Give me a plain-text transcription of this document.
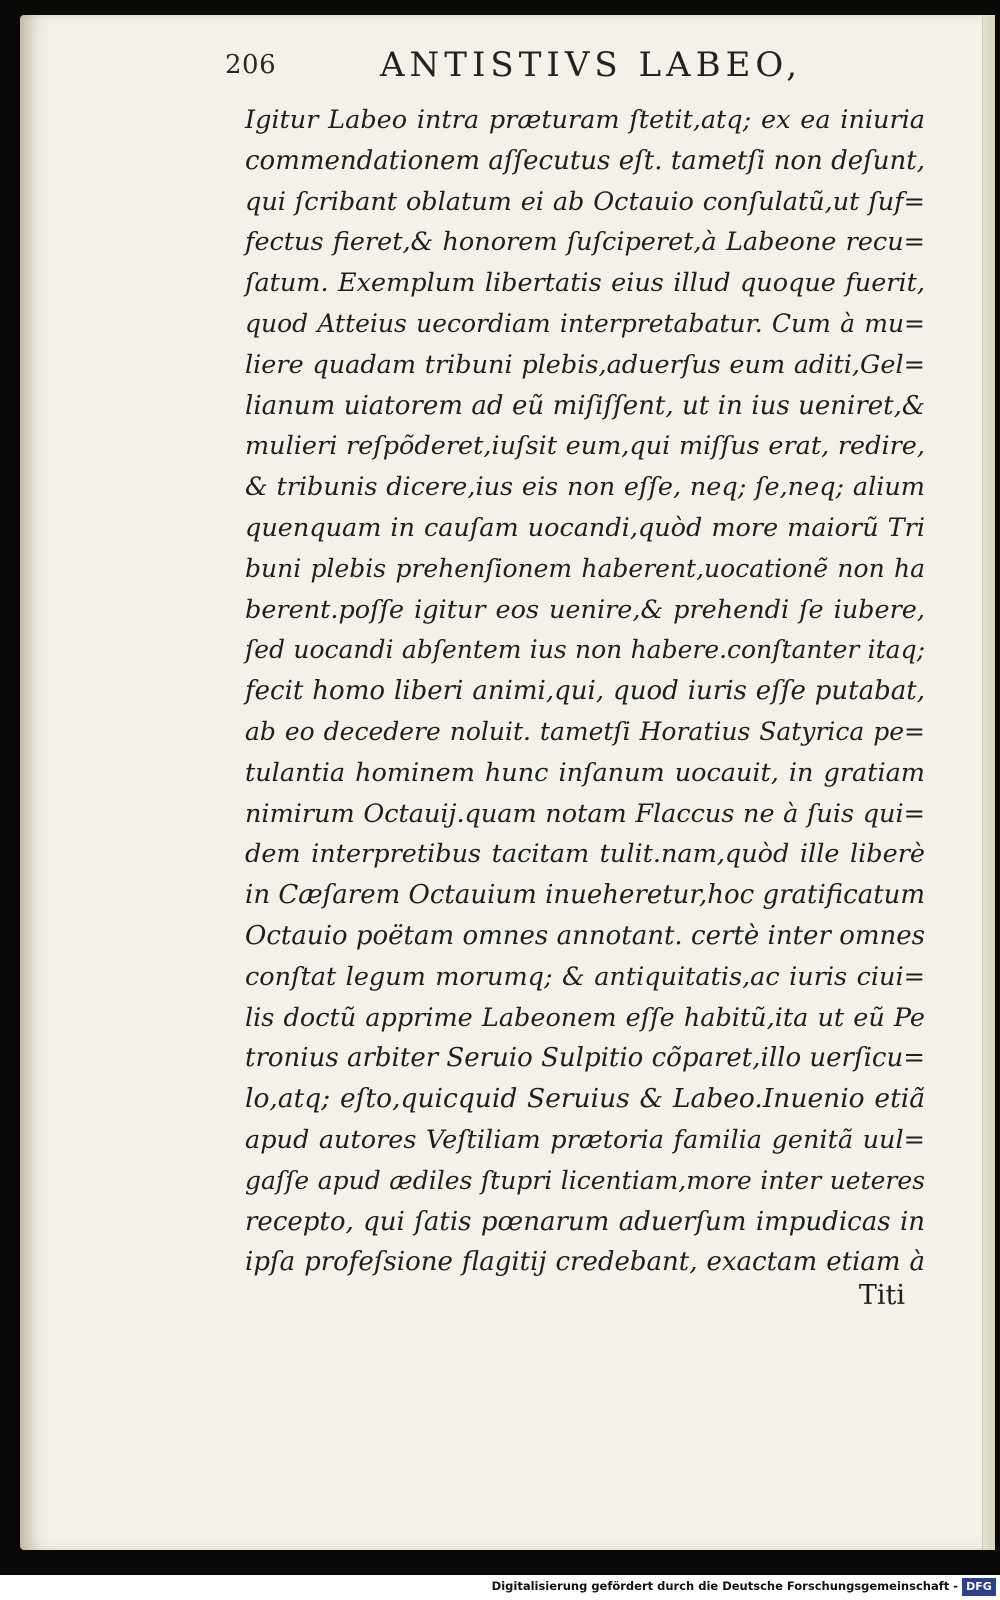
206	ANTISTIVS LABEO,
Igitur Labeo intra præturam ſtetit,atq; ex ea iniuria
commendationem aſſecutus eſt. tametſi non deſunt,
qui ſcribant oblatum ei ab Octauio conſulatũ,ut ſuf=
fectus fieret,& honorem ſuſciperet,à Labeone recu=
ſatum. Exemplum libertatis eius illud quoque fuerit,
quod Atteius uecordiam interpretabatur. Cum à mu=
liere quadam tribuni plebis,aduerſus eum aditi,Gel=
lianum uiatorem ad eũ miſiſſent, ut in ius ueniret,&
mulieri reſpõderet,iuſsit eum,qui miſſus erat, redire,
& tribunis dicere,ius eis non eſſe, neq; ſe,neq; alium
quenquam in cauſam uocandi,quòd more maiorũ Tri
buni plebis prehenſionem haberent,uocationẽ non ha
berent.poſſe igitur eos uenire,& prehendi ſe iubere,
ſed uocandi abſentem ius non habere.conſtanter itaq;
fecit homo liberi animi,qui, quod iuris eſſe putabat,
ab eo decedere noluit. tametſi Horatius Satyrica pe=
tulantia hominem hunc inſanum uocauit, in gratiam
nimirum Octauij.quam notam Flaccus ne à ſuis qui=
dem interpretibus tacitam tulit.nam,quòd ille liberè
in Cæſarem Octauium inueheretur,hoc gratificatum
Octauio poëtam omnes annotant. certè inter omnes
conſtat legum morumq; & antiquitatis,ac iuris ciui=
lis doctũ apprime Labeonem eſſe habitũ,ita ut eũ Pe
tronius arbiter Seruio Sulpitio cõparet,illo uerſicu=
lo,atq; eſto,quicquid Seruius & Labeo.Inuenio etiã
apud autores Veſtiliam prætoria familia genitã uul=
gaſſe apud ædiles ſtupri licentiam,more inter ueteres
recepto, qui ſatis pœnarum aduerſum impudicas in
ipſa profeſsione flagitij credebant, exactam etiam à
Titi
Digitalisierung gefördert durch die Deutsche Forschungsgemeinschaft - DFG
